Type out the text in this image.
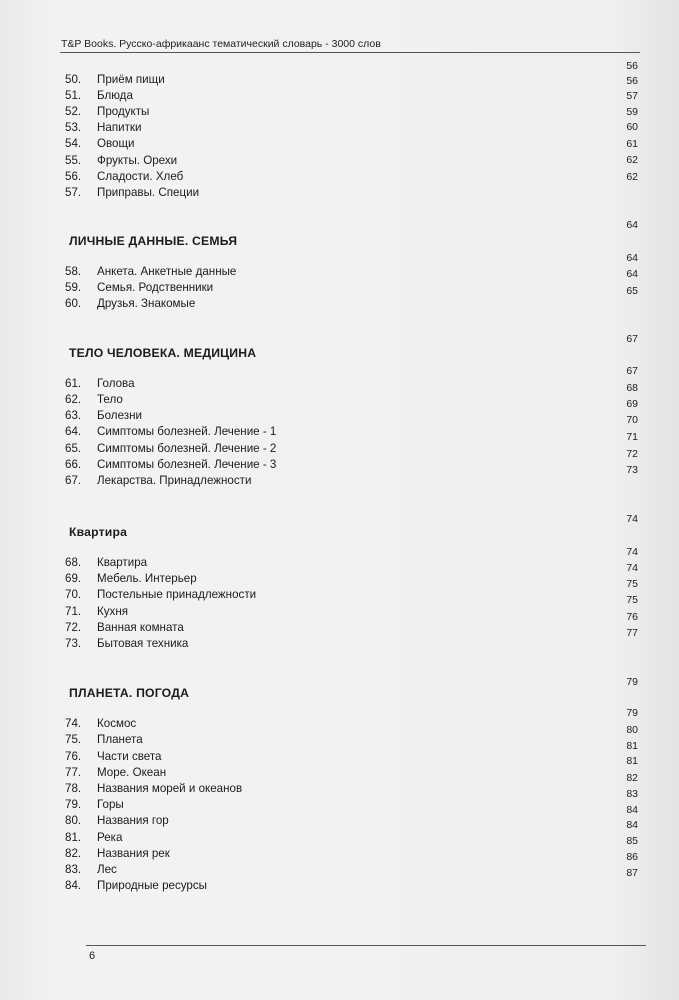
T&P Books. Русско-африкаанс тематический словарь - 3000 слов
50. Приём пищи
51. Блюда
52. Продукты
53. Напитки
54. Овощи
55. Фрукты. Орехи
56. Сладости. Хлеб
57. Приправы. Специи
ЛИЧНЫЕ ДАННЫЕ. СЕМЬЯ
58. Анкета. Анкетные данные
59. Семья. Родственники
60. Друзья. Знакомые
ТЕЛО ЧЕЛОВЕКА. МЕДИЦИНА
61. Голова
62. Тело
63. Болезни
64. Симптомы болезней. Лечение - 1
65. Симптомы болезней. Лечение - 2
66. Симптомы болезней. Лечение - 3
67. Лекарства. Принадлежности
Квартира
68. Квартира
69. Мебель. Интерьер
70. Постельные принадлежности
71. Кухня
72. Ванная комната
73. Бытовая техника
ПЛАНЕТА. ПОГОДА
74. Космос
75. Планета
76. Части света
77. Море. Океан
78. Названия морей и океанов
79. Горы
80. Названия гор
81. Река
82. Названия рек
83. Лес
84. Природные ресурсы
56
56
57
59
60
61
62
62
64
64
64
65
67
67
68
69
70
71
72
73
74
74
74
75
75
76
77
79
79
80
81
81
82
83
84
84
85
86
87
6
